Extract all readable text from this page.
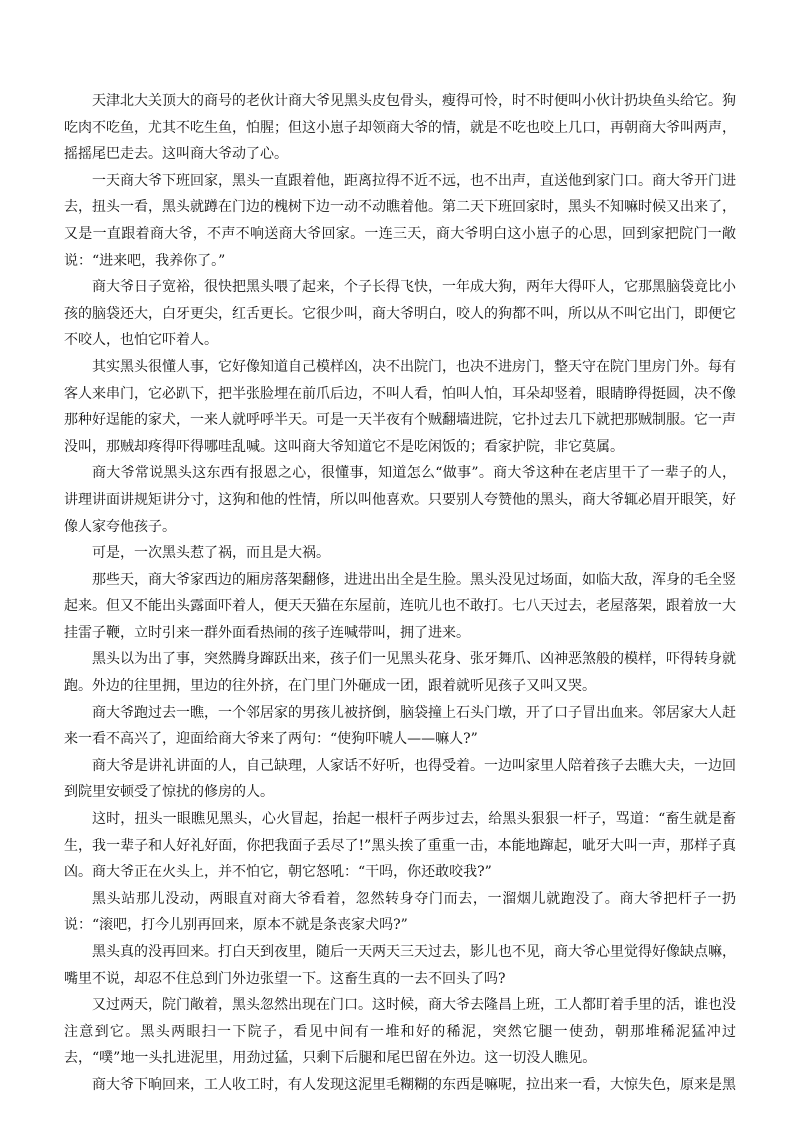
天津北大关顶大的商号的老伙计商大爷见黑头皮包骨头，瘦得可怜，时不时便叫小伙计扔块鱼头给它。狗吃肉不吃鱼，尤其不吃生鱼，怕腥；但这小崽子却领商大爷的情，就是不吃也咬上几口，再朝商大爷叫两声，摇摇尾巴走去。这叫商大爷动了心。

一天商大爷下班回家，黑头一直跟着他，距离拉得不近不远，也不出声，直送他到家门口。商大爷开门进去，扭头一看，黑头就蹲在门边的槐树下边一动不动瞧着他。第二天下班回家时，黑头不知嘛时候又出来了，又是一直跟着商大爷，不声不响送商大爷回家。一连三天，商大爷明白这小崽子的心思，回到家把院门一敞说：“进来吧，我养你了。”

商大爷日子宽裕，很快把黑头喂了起来，个子长得飞快，一年成大狗，两年大得吓人，它那黑脑袋竟比小孩的脑袋还大，白牙更尖，红舌更长。它很少叫，商大爷明白，咬人的狗都不叫，所以从不叫它出门，即便它不咬人，也怕它吓着人。

其实黑头很懂人事，它好像知道自己模样凶，决不出院门，也决不进房门，整天守在院门里房门外。每有客人来串门，它必趴下，把半张脸埋在前爪后边，不叫人看，怕叫人怕，耳朵却竖着，眼睛睁得挺圆，决不像那种好逞能的家犬，一来人就呼呼半天。可是一天半夜有个贼翻墙进院，它扑过去几下就把那贼制服。它一声没叫，那贼却疼得吓得哪哇乱喊。这叫商大爷知道它不是吃闲饭的；看家护院，非它莫属。

商大爷常说黑头这东西有报恩之心，很懂事，知道怎么“做事”。商大爷这种在老店里干了一辈子的人，讲理讲面讲规矩讲分寸，这狗和他的性情，所以叫他喜欢。只要别人夸赞他的黑头，商大爷辄必眉开眼笑，好像人家夸他孩子。

可是，一次黑头惹了祸，而且是大祸。

那些天，商大爷家西边的厢房落架翻修，进进出出全是生脸。黑头没见过场面，如临大敌，浑身的毛全竖起来。但又不能出头露面吓着人，便天天猫在东屋前，连吭儿也不敢打。七八天过去，老屋落架，跟着放一大挂雷子鞭，立时引来一群外面看热闹的孩子连喊带叫，拥了进来。

黑头以为出了事，突然腾身蹿跃出来，孩子们一见黑头花身、张牙舞爪、凶神恶煞般的模样，吓得转身就跑。外边的往里拥，里边的往外挤，在门里门外砸成一团，跟着就听见孩子又叫又哭。

商大爷跑过去一瞧，一个邻居家的男孩儿被挤倒，脑袋撞上石头门墩，开了口子冒出血来。邻居家大人赶来一看不高兴了，迎面给商大爷来了两句：“使狗吓唬人——嘛人?”

商大爷是讲礼讲面的人，自己缺理，人家话不好听，也得受着。一边叫家里人陪着孩子去瞧大夫，一边回到院里安顿受了惊扰的修房的人。

这时，扭头一眼瞧见黑头，心火冒起，抬起一根杆子两步过去，给黑头狠狠一杆子，骂道：“畜生就是畜生，我一辈子和人好礼好面，你把我面子丢尽了!”黑头挨了重重一击，本能地蹿起，呲牙大叫一声，那样子真凶。商大爷正在火头上，并不怕它，朝它怒吼：“干吗，你还敢咬我?”

黑头站那儿没动，两眼直对商大爷看着，忽然转身夺门而去，一溜烟儿就跑没了。商大爷把杆子一扔说：“滚吧，打今儿别再回来，原本不就是条丧家犬吗?”

黑头真的没再回来。打白天到夜里，随后一天两天三天过去，影儿也不见，商大爷心里觉得好像缺点嘛，嘴里不说，却忍不住总到门外边张望一下。这畜生真的一去不回头了吗?

又过两天，院门敞着，黑头忽然出现在门口。这时候，商大爷去隆昌上班，工人都盯着手里的活，谁也没注意到它。黑头两眼扫一下院子，看见中间有一堆和好的稀泥，突然它腿一使劲，朝那堆稀泥猛冲过去，“噗”地一头扎进泥里，用劲过猛，只剩下后腿和尾巴留在外边。这一切没人瞧见。

商大爷下晌回来，工人收工时，有人发现这泥里毛糊糊的东西是嘛呢，拉出来一看，大惊失色，原来是黑
